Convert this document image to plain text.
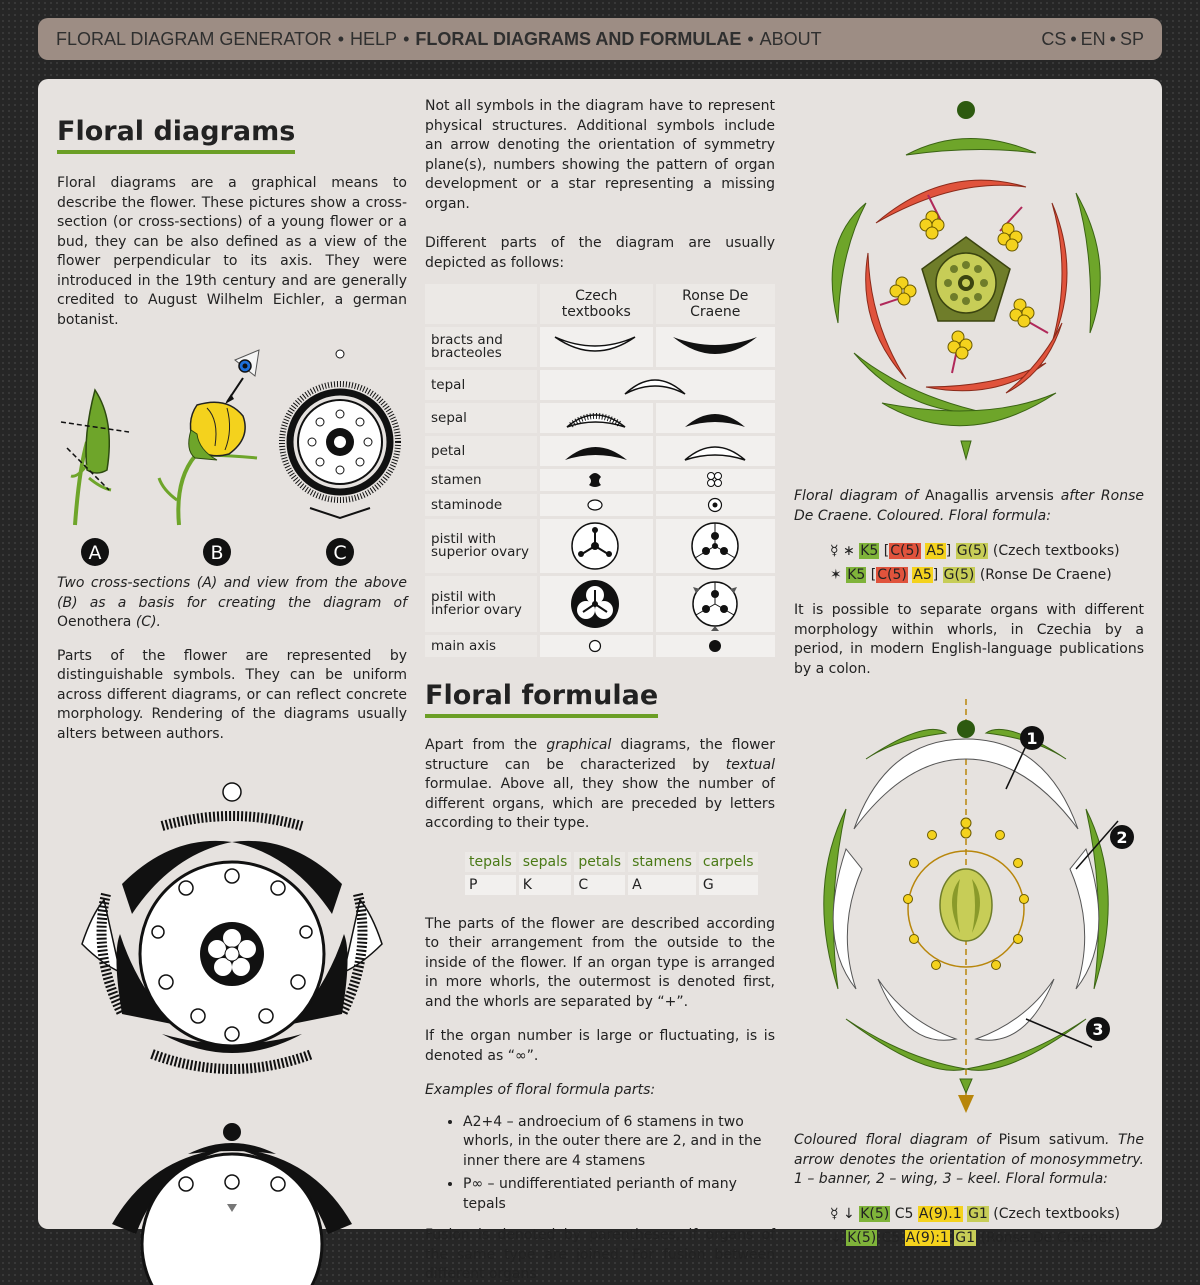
FLORAL DIAGRAM GENERATOR • HELP • FLORAL DIAGRAMS AND FORMULAE • ABOUT	CS • EN • SP
Floral diagrams

Floral diagrams are a graphical means to describe the flower. These pictures show a cross-section (or cross-sections) of a young flower or a bud, they can be also defined as a view of the flower perpendicular to its axis. They were introduced in the 19th century and are generally credited to August Wilhelm Eichler, a german botanist.

A	B	C

Two cross-sections (A) and view from the above (B) as a basis for creating the diagram of Oenothera (C).

Parts of the flower are represented by distinguishable symbols. They can be uniform across different diagrams, or can reflect concrete morphology. Rendering of the diagrams usually alters between authors.

Not all symbols in the diagram have to represent physical structures. Additional symbols include an arrow denoting the orientation of symmetry plane(s), numbers showing the pattern of organ development or a star representing a missing organ.

Different parts of the diagram are usually depicted as follows:

	Czech textbooks	Ronse De Craene
bracts and bracteoles	

tepal	

sepal	

petal	

stamen	

staminode	

pistil with superior ovary	

pistil with inferior ovary	

main axis	

Floral formulae

Apart from the graphical diagrams, the flower structure can be characterized by textual formulae. Above all, they show the number of different organs, which are preceded by letters according to their type.

tepals	sepals	petals	stamens	carpels
P	K	C	A	G

The parts of the flower are described according to their arrangement from the outside to the inside of the flower. If an organ type is arranged in more whorls, the outermost is denoted first, and the whorls are separated by “+”.

If the organ number is large or fluctuating, is is denoted as “∞”.

Examples of floral formula parts:

• A2+4 – androecium of 6 stamens in two whorls, in the outer there are 2, and in the inner there are 4 stamens
• P∞ – undifferentiated perianth of many tepals

Fusion is denoted by parentheses, if organs of the same type are joined. For fusion between different organs

Floral diagram of Anagallis arvensis after Ronse De Craene. Coloured. Floral formula:

☿ ∗ K5 [C(5) A5] G(5) (Czech textbooks)
✶ K5 [C(5) A5] G(5) (Ronse De Craene)

It is possible to separate organs with different morphology within whorls, in Czechia by a period, in modern English-language publications by a colon.

1
2
3

Coloured floral diagram of Pisum sativum. The arrow denotes the orientation of monosymmetry. 1 – banner, 2 – wing, 3 – keel. Floral formula:

☿ ↓ K(5) C5 A(9).1 G1 (Czech textbooks)
↓ K(5) C5 A(9):1 G1 (Ronse De Craene)
